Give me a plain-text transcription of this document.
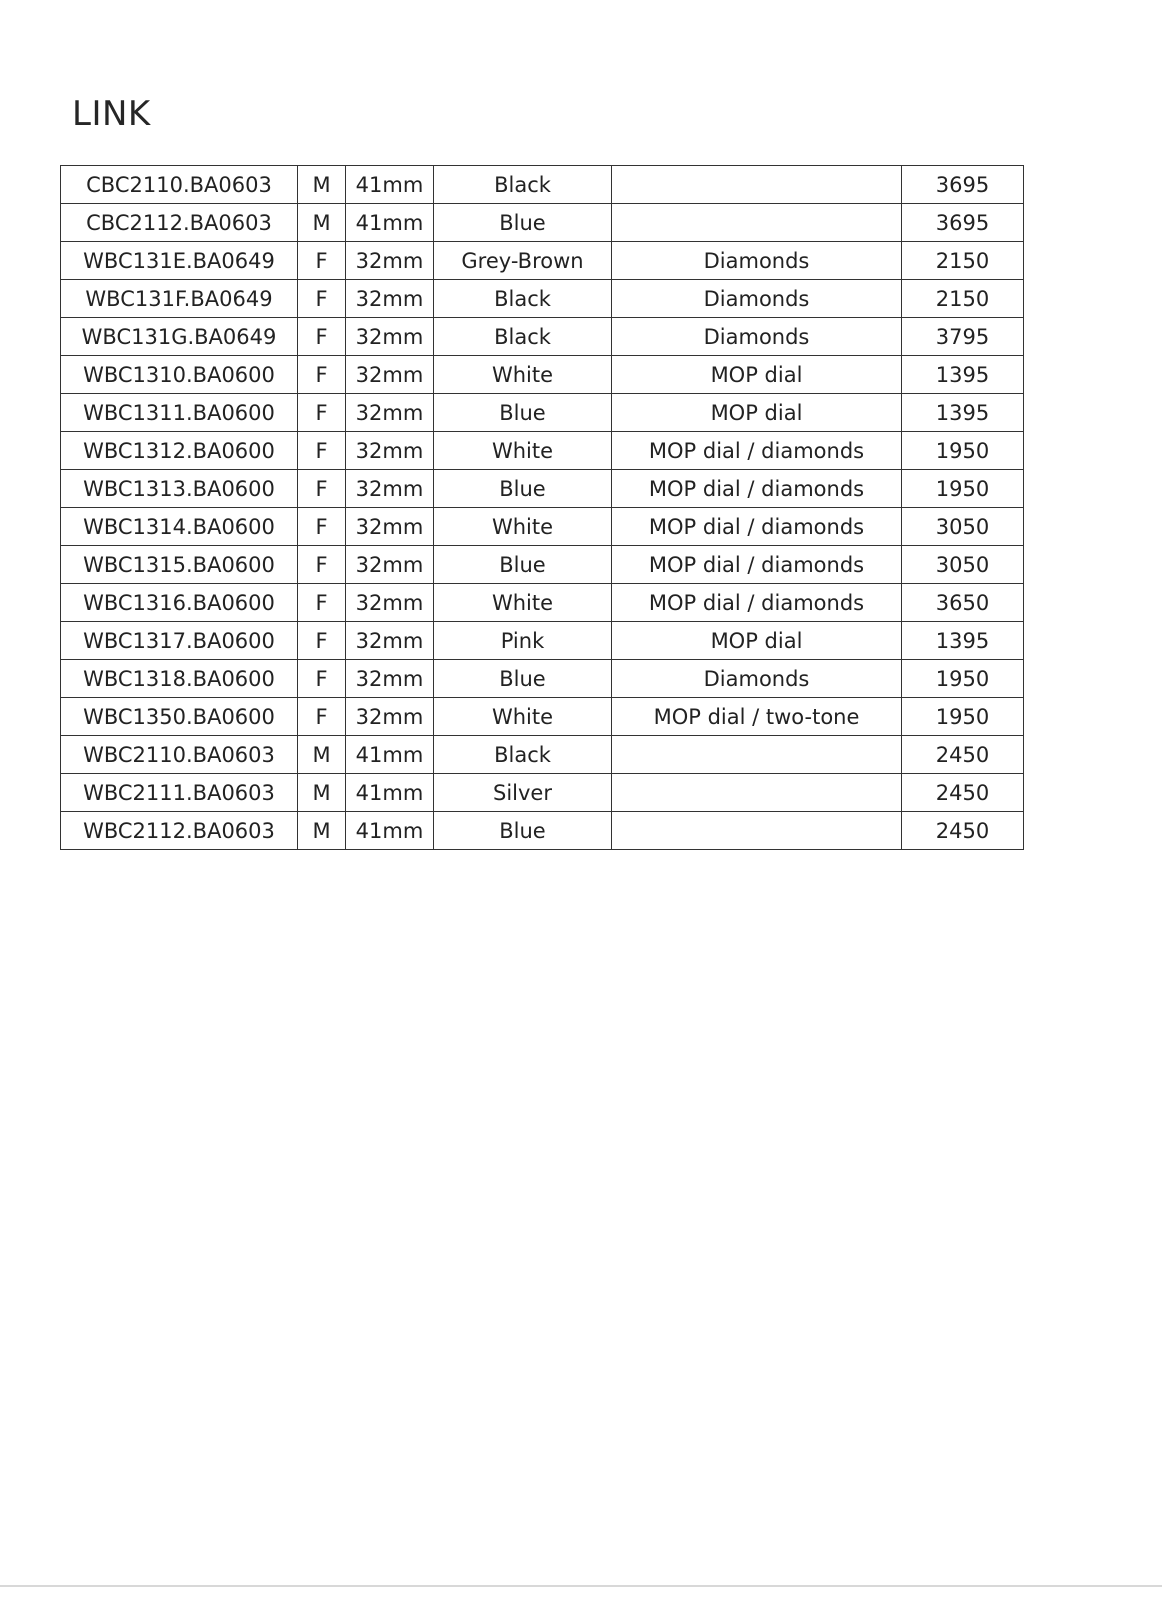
LINK
CBC2110.BA0603	M	41mm	Black		3695
CBC2112.BA0603	M	41mm	Blue		3695
WBC131E.BA0649	F	32mm	Grey-Brown	Diamonds	2150
WBC131F.BA0649	F	32mm	Black	Diamonds	2150
WBC131G.BA0649	F	32mm	Black	Diamonds	3795
WBC1310.BA0600	F	32mm	White	MOP dial	1395
WBC1311.BA0600	F	32mm	Blue	MOP dial	1395
WBC1312.BA0600	F	32mm	White	MOP dial / diamonds	1950
WBC1313.BA0600	F	32mm	Blue	MOP dial / diamonds	1950
WBC1314.BA0600	F	32mm	White	MOP dial / diamonds	3050
WBC1315.BA0600	F	32mm	Blue	MOP dial / diamonds	3050
WBC1316.BA0600	F	32mm	White	MOP dial / diamonds	3650
WBC1317.BA0600	F	32mm	Pink	MOP dial	1395
WBC1318.BA0600	F	32mm	Blue	Diamonds	1950
WBC1350.BA0600	F	32mm	White	MOP dial / two-tone	1950
WBC2110.BA0603	M	41mm	Black		2450
WBC2111.BA0603	M	41mm	Silver		2450
WBC2112.BA0603	M	41mm	Blue		2450
